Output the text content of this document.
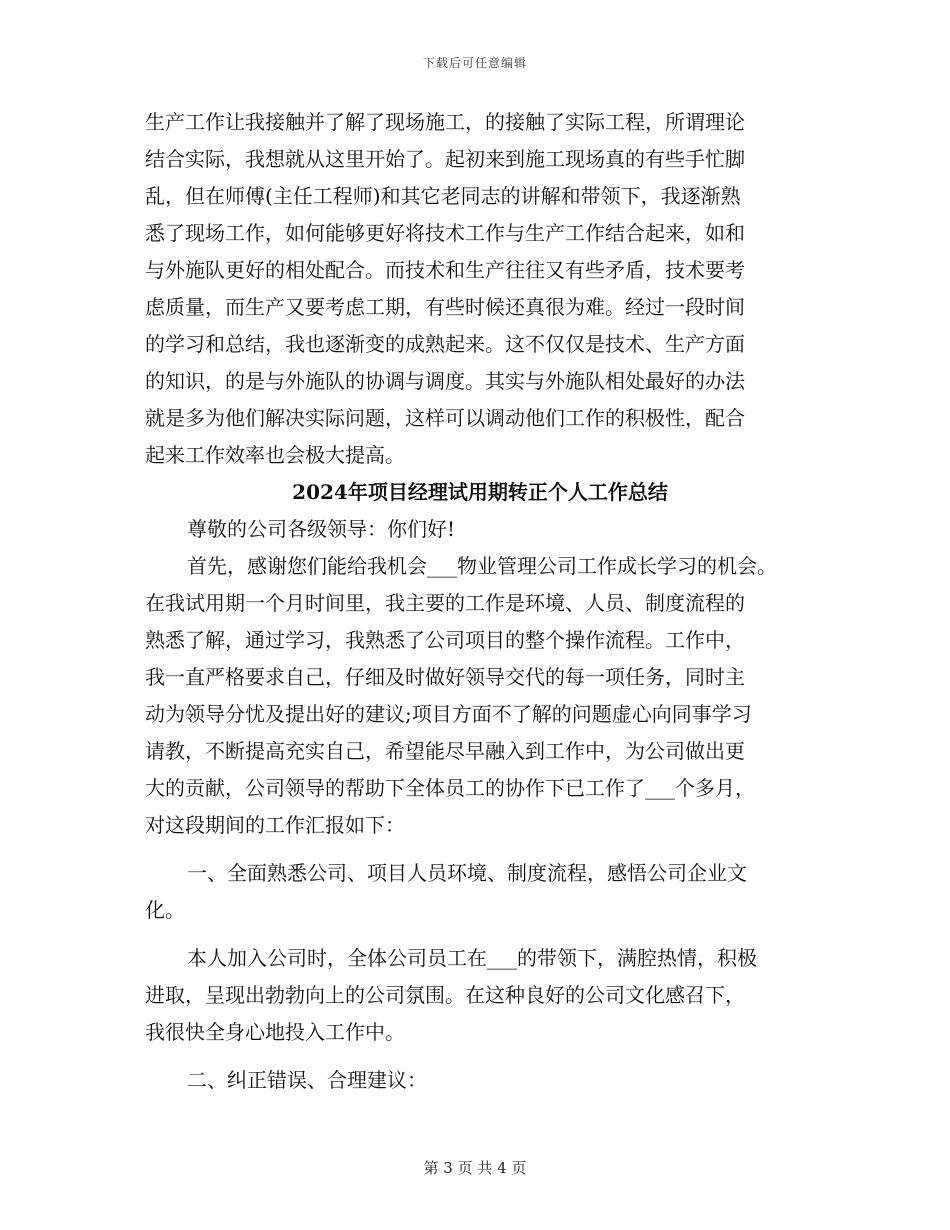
下载后可任意编辑
生产工作让我接触并了解了现场施工，的接触了实际工程，所谓理论
结合实际，我想就从这里开始了。起初来到施工现场真的有些手忙脚
乱，但在师傅(主任工程师)和其它老同志的讲解和带领下，我逐渐熟
悉了现场工作，如何能够更好将技术工作与生产工作结合起来，如和
与外施队更好的相处配合。而技术和生产往往又有些矛盾，技术要考
虑质量，而生产又要考虑工期，有些时候还真很为难。经过一段时间
的学习和总结，我也逐渐变的成熟起来。这不仅仅是技术、生产方面
的知识，的是与外施队的协调与调度。其实与外施队相处最好的办法
就是多为他们解决实际问题，这样可以调动他们工作的积极性，配合
起来工作效率也会极大提高。
2024年项目经理试用期转正个人工作总结
尊敬的公司各级领导：你们好!
首先，感谢您们能给我机会___物业管理公司工作成长学习的机会。
在我试用期一个月时间里，我主要的工作是环境、人员、制度流程的
熟悉了解，通过学习，我熟悉了公司项目的整个操作流程。工作中，
我一直严格要求自己，仔细及时做好领导交代的每一项任务，同时主
动为领导分忧及提出好的建议;项目方面不了解的问题虚心向同事学习
请教，不断提高充实自己，希望能尽早融入到工作中，为公司做出更
大的贡献，公司领导的帮助下全体员工的协作下已工作了___个多月，
对这段期间的工作汇报如下：
一、全面熟悉公司、项目人员环境、制度流程，感悟公司企业文
化。
本人加入公司时，全体公司员工在___的带领下，满腔热情，积极
进取，呈现出勃勃向上的公司氛围。在这种良好的公司文化感召下，
我很快全身心地投入工作中。
二、纠正错误、合理建议：
第 3 页 共 4 页
